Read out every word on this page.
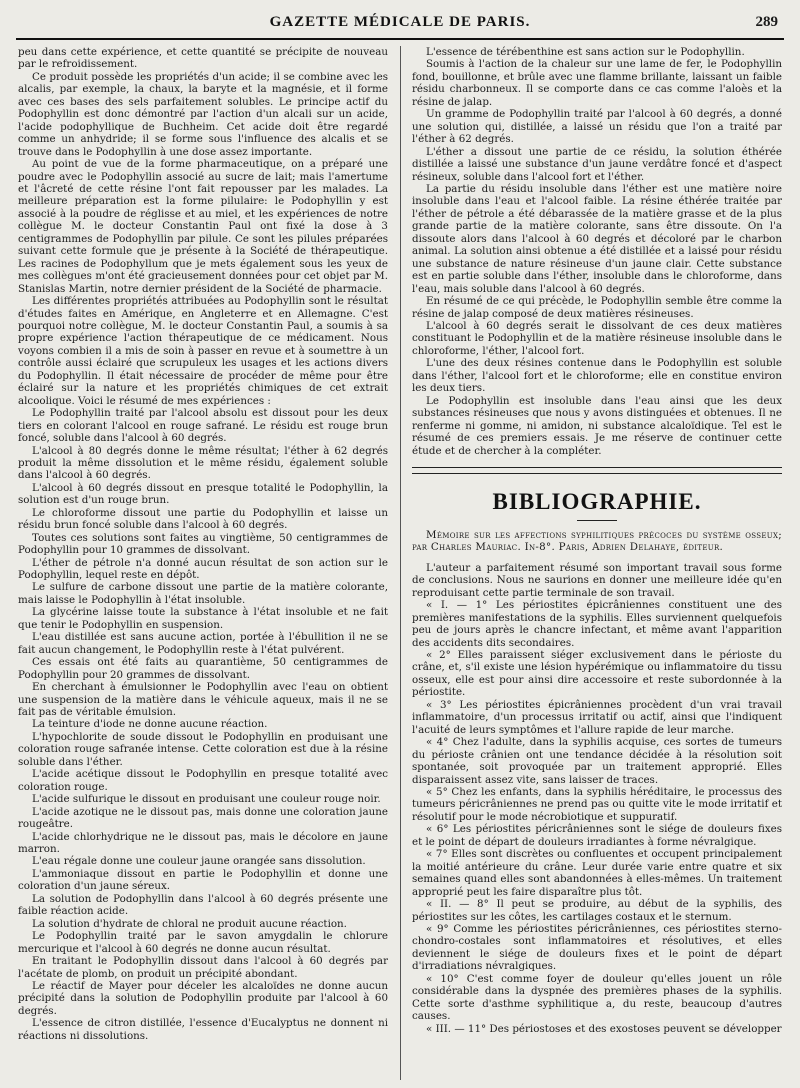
GAZETTE MÉDICALE DE PARIS.	289

peu dans cette expérience, et cette quantité se précipite de nouveau par le refroidissement.

Ce produit possède les propriétés d'un acide; il se combine avec les alcalis, par exemple, la chaux, la baryte et la magnésie, et il forme avec ces bases des sels parfaitement solubles. Le principe actif du Podophyllin est donc démontré par l'action d'un alcali sur un acide, l'acide podophyllique de Buchheim. Cet acide doit être regardé comme un anhydride; il se forme sous l'influence des alcalis et se trouve dans le Podophyllin à une dose assez importante.

Au point de vue de la forme pharmaceutique, on a préparé une poudre avec le Podophyllin associé au sucre de lait; mais l'amertume et l'âcreté de cette résine l'ont fait repousser par les malades. La meilleure préparation est la forme pilulaire: le Podophyllin y est associé à la poudre de réglisse et au miel, et les expériences de notre collègue M. le docteur Constantin Paul ont fixé la dose à 3 centigrammes de Podophyllin par pilule. Ce sont les pilules préparées suivant cette formule que je présente à la Société de thérapeutique. Les racines de Podophyllum que je mets également sous les yeux de mes collègues m'ont été gracieusement données pour cet objet par M. Stanislas Martin, notre dernier président de la Société de pharmacie.

Les différentes propriétés attribuées au Podophyllin sont le résultat d'études faites en Amérique, en Angleterre et en Allemagne. C'est pourquoi notre collègue, M. le docteur Constantin Paul, a soumis à sa propre expérience l'action thérapeutique de ce médicament. Nous voyons combien il a mis de soin à passer en revue et à soumettre à un contrôle aussi éclairé que scrupuleux les usages et les actions divers du Podophyllin. Il était nécessaire de procéder de même pour être éclairé sur la nature et les propriétés chimiques de cet extrait alcoolique. Voici le résumé de mes expériences :

Le Podophyllin traité par l'alcool absolu est dissout pour les deux tiers en colorant l'alcool en rouge safrané. Le résidu est rouge brun foncé, soluble dans l'alcool à 60 degrés.

L'alcool à 80 degrés donne le même résultat; l'éther à 62 degrés produit la même dissolution et le même résidu, également soluble dans l'alcool à 60 degrés.

L'alcool à 60 degrés dissout en presque totalité le Podophyllin, la solution est d'un rouge brun.

Le chloroforme dissout une partie du Podophyllin et laisse un résidu brun foncé soluble dans l'alcool à 60 degrés.

Toutes ces solutions sont faites au vingtième, 50 centigrammes de Podophyllin pour 10 grammes de dissolvant.

L'éther de pétrole n'a donné aucun résultat de son action sur le Podophyllin, lequel reste en dépôt.

Le sulfure de carbone dissout une partie de la matière colorante, mais laisse le Podophyllin à l'état insoluble.

La glycérine laisse toute la substance à l'état insoluble et ne fait que tenir le Podophyllin en suspension.

L'eau distillée est sans aucune action, portée à l'ébullition il ne se fait aucun changement, le Podophyllin reste à l'état pulvérent.

Ces essais ont été faits au quarantième, 50 centigrammes de Podophyllin pour 20 grammes de dissolvant.

En cherchant à émulsionner le Podophyllin avec l'eau on obtient une suspension de la matière dans le véhicule aqueux, mais il ne se fait pas de véritable émulsion.

La teinture d'iode ne donne aucune réaction.

L'hypochlorite de soude dissout le Podophyllin en produisant une coloration rouge safranée intense. Cette coloration est due à la résine soluble dans l'éther.

L'acide acétique dissout le Podophyllin en presque totalité avec coloration rouge.

L'acide sulfurique le dissout en produisant une couleur rouge noir.

L'acide azotique ne le dissout pas, mais donne une coloration jaune rougeâtre.

L'acide chlorhydrique ne le dissout pas, mais le décolore en jaune marron.

L'eau régale donne une couleur jaune orangée sans dissolution.

L'ammoniaque dissout en partie le Podophyllin et donne une coloration d'un jaune séreux.

La solution de Podophyllin dans l'alcool à 60 degrés présente une faible réaction acide.

La solution d'hydrate de chloral ne produit aucune réaction.

Le Podophyllin traité par le savon amygdalin le chlorure mercurique et l'alcool à 60 degrés ne donne aucun résultat.

En traitant le Podophyllin dissout dans l'alcool à 60 degrés par l'acétate de plomb, on produit un précipité abondant.

Le réactif de Mayer pour déceler les alcaloïdes ne donne aucun précipité dans la solution de Podophyllin produite par l'alcool à 60 degrés.

L'essence de citron distillée, l'essence d'Eucalyptus ne donnent ni réactions ni dissolutions.

L'essence de térébenthine est sans action sur le Podophyllin.

Soumis à l'action de la chaleur sur une lame de fer, le Podophyllin fond, bouillonne, et brûle avec une flamme brillante, laissant un faible résidu charbonneux. Il se comporte dans ce cas comme l'aloès et la résine de jalap.

Un gramme de Podophyllin traité par l'alcool à 60 degrés, a donné une solution qui, distillée, a laissé un résidu que l'on a traité par l'éther à 62 degrés.

L'éther a dissout une partie de ce résidu, la solution éthérée distillée a laissé une substance d'un jaune verdâtre foncé et d'aspect résineux, soluble dans l'alcool fort et l'éther.

La partie du résidu insoluble dans l'éther est une matière noire insoluble dans l'eau et l'alcool faible. La résine éthérée traitée par l'éther de pétrole a été débarassée de la matière grasse et de la plus grande partie de la matière colorante, sans être dissoute. On l'a dissoute alors dans l'alcool à 60 degrés et décoloré par le charbon animal. La solution ainsi obtenue a été distillée et a laissé pour résidu une substance de nature résineuse d'un jaune clair. Cette substance est en partie soluble dans l'éther, insoluble dans le chloroforme, dans l'eau, mais soluble dans l'alcool à 60 degrés.

En résumé de ce qui précède, le Podophyllin semble être comme la résine de jalap composé de deux matières résineuses.

L'alcool à 60 degrés serait le dissolvant de ces deux matières constituant le Podophyllin et de la matière résineuse insoluble dans le chloroforme, l'éther, l'alcool fort.

L'une des deux résines contenue dans le Podophyllin est soluble dans l'éther, l'alcool fort et le chloroforme; elle en constitue environ les deux tiers.

Le Podophyllin est insoluble dans l'eau ainsi que les deux substances résineuses que nous y avons distinguées et obtenues. Il ne renferme ni gomme, ni amidon, ni substance alcaloïdique. Tel est le résumé de ces premiers essais. Je me réserve de continuer cette étude et de chercher à la compléter.

BIBLIOGRAPHIE.

Mémoire sur les affections syphilitiques précoces du système osseux; par Charles Mauriac. In-8°. Paris, Adrien Delahaye, éditeur.

L'auteur a parfaitement résumé son important travail sous forme de conclusions. Nous ne saurions en donner une meilleure idée qu'en reproduisant cette partie terminale de son travail.

« I. — 1° Les périostites épicrâniennes constituent une des premières manifestations de la syphilis. Elles surviennent quelquefois peu de jours après le chancre infectant, et même avant l'apparition des accidents dits secondaires.

« 2° Elles paraissent siéger exclusivement dans le périoste du crâne, et, s'il existe une lésion hypérémique ou inflammatoire du tissu osseux, elle est pour ainsi dire accessoire et reste subordonnée à la périostite.

« 3° Les périostites épicrâniennes procèdent d'un vrai travail inflammatoire, d'un processus irritatif ou actif, ainsi que l'indiquent l'acuité de leurs symptômes et l'allure rapide de leur marche.

« 4° Chez l'adulte, dans la syphilis acquise, ces sortes de tumeurs du périoste crânien ont une tendance décidée à la résolution soit spontanée, soit provoquée par un traitement approprié. Elles disparaissent assez vite, sans laisser de traces.

« 5° Chez les enfants, dans la syphilis héréditaire, le processus des tumeurs péricrâniennes ne prend pas ou quitte vite le mode irritatif et résolutif pour le mode nécrobiotique et suppuratif.

« 6° Les périostites péricrâniennes sont le siége de douleurs fixes et le point de départ de douleurs irradiantes à forme névralgique.

« 7° Elles sont discrètes ou confluentes et occupent principalement la moitié antérieure du crâne. Leur durée varie entre quatre et six semaines quand elles sont abandonnées à elles-mêmes. Un traitement approprié peut les faire disparaître plus tôt.

« II. — 8° Il peut se produire, au début de la syphilis, des périostites sur les côtes, les cartilages costaux et le sternum.

« 9° Comme les périostites péricrâniennes, ces périostites sterno-chondro-costales sont inflammatoires et résolutives, et elles deviennent le siége de douleurs fixes et le point de départ d'irradiations névralgiques.

« 10° C'est comme foyer de douleur qu'elles jouent un rôle considérable dans la dyspnée des premières phases de la syphilis. Cette sorte d'asthme syphilitique a, du reste, beaucoup d'autres causes.

« III. — 11° Des périostoses et des exostoses peuvent se développer
